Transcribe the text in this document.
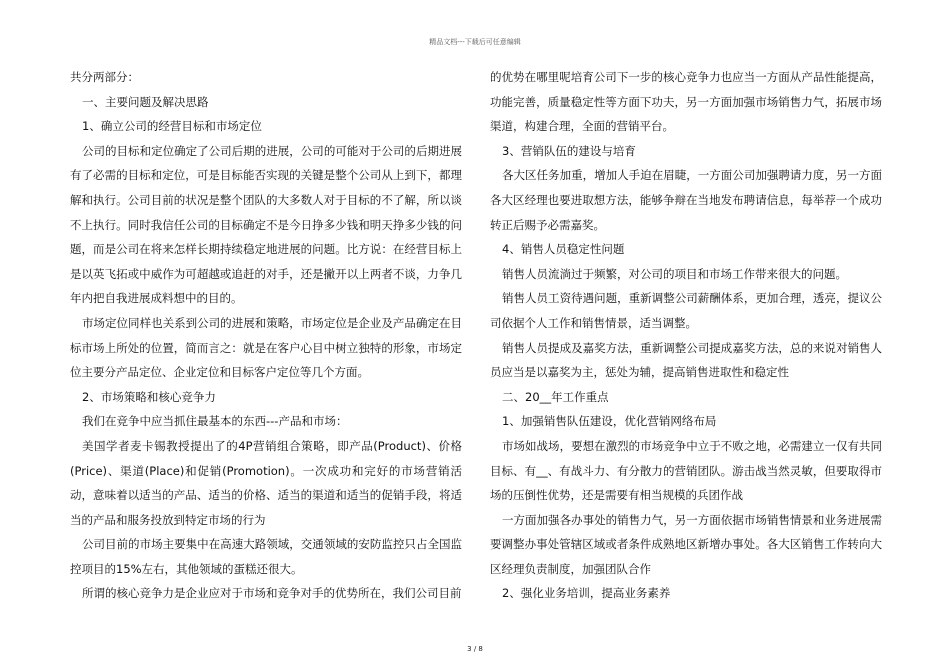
精品文档---下载后可任意编辑

共分两部分：

一、主要问题及解决思路

1、确立公司的经营目标和市场定位

公司的目标和定位确定了公司后期的进展，公司的可能对于公司的后期进展有了必需的目标和定位，可是目标能否实现的关键是整个公司从上到下，都理解和执行。公司目前的状况是整个团队的大多数人对于目标的不了解，所以谈不上执行。同时我信任公司的目标确定不是今日挣多少钱和明天挣多少钱的问题，而是公司在将来怎样长期持续稳定地进展的问题。比方说：在经营目标上是以英飞拓或中威作为可超越或追赶的对手，还是撇开以上两者不谈，力争几年内把自我进展成料想中的目的。

市场定位同样也关系到公司的进展和策略，市场定位是企业及产品确定在目标市场上所处的位置，简而言之：就是在客户心目中树立独特的形象，市场定位主要分产品定位、企业定位和目标客户定位等几个方面。

2、市场策略和核心竞争力

我们在竞争中应当抓住最基本的东西---产品和市场：

美国学者麦卡锡教授提出了的4P营销组合策略，即产品(Product)、价格(Price)、渠道(Place)和促销(Promotion)。一次成功和完好的市场营销活动，意味着以适当的产品、适当的价格、适当的渠道和适当的促销手段，将适当的产品和服务投放到特定市场的行为

公司目前的市场主要集中在高速大路领域，交通领域的安防监控只占全国监控项目的15%左右，其他领域的蛋糕还很大。

所谓的核心竞争力是企业应对于市场和竞争对手的优势所在，我们公司目前

的优势在哪里呢培育公司下一步的核心竞争力也应当一方面从产品性能提高，功能完善，质量稳定性等方面下功夫，另一方面加强市场销售力气，拓展市场渠道，构建合理，全面的营销平台。

3、营销队伍的建设与培育

各大区任务加重，增加人手迫在眉睫，一方面公司加强聘请力度，另一方面各大区经理也要进取想方法，能够争辩在当地发布聘请信息，每举荐一个成功转正后赐予必需嘉奖。

4、销售人员稳定性问题

销售人员流淌过于频繁，对公司的项目和市场工作带来很大的问题。

销售人员工资待遇问题，重新调整公司薪酬体系，更加合理，透亮，提议公司依据个人工作和销售情景，适当调整。

销售人员提成及嘉奖方法，重新调整公司提成嘉奖方法，总的来说对销售人员应当是以嘉奖为主，惩处为辅，提高销售进取性和稳定性

二、20__年工作重点

1、加强销售队伍建设，优化营销网络布局

市场如战场，要想在激烈的市场竞争中立于不败之地，必需建立一仅有共同目标、有__、有战斗力、有分散力的营销团队。游击战当然灵敏，但要取得市场的压倒性优势，还是需要有相当规模的兵团作战

一方面加强各办事处的销售力气，另一方面依据市场销售情景和业务进展需要调整办事处管辖区域或者条件成熟地区新增办事处。各大区销售工作转向大区经理负责制度，加强团队合作

2、强化业务培训，提高业务素养

3 / 8
